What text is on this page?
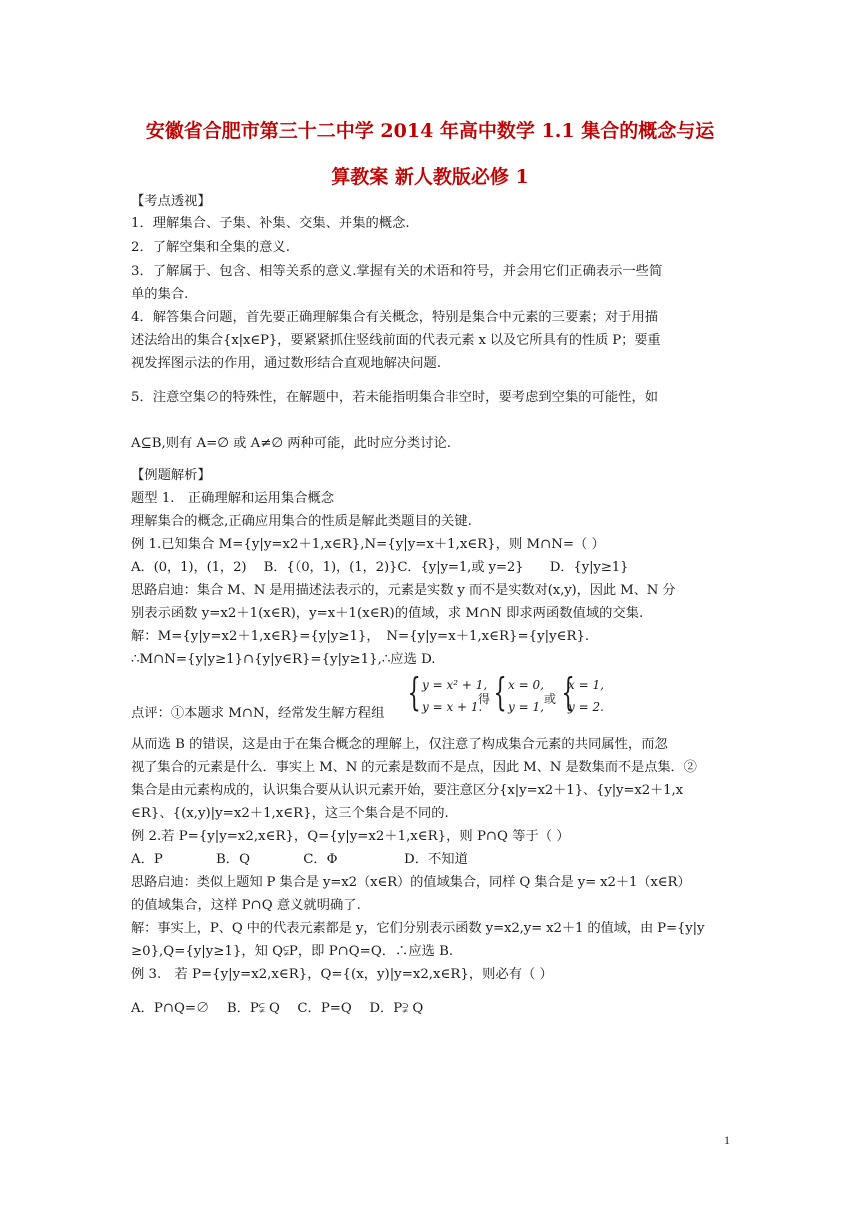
安徽省合肥市第三十二中学 2014 年高中数学 1.1 集合的概念与运
算教案 新人教版必修 1
【考点透视】
1．理解集合、子集、补集、交集、并集的概念.
2．了解空集和全集的意义.
3．了解属于、包含、相等关系的意义.掌握有关的术语和符号，并会用它们正确表示一些简
单的集合.
4．解答集合问题，首先要正确理解集合有关概念，特别是集合中元素的三要素；对于用描
述法给出的集合{x|x∈P}，要紧紧抓住竖线前面的代表元素 x 以及它所具有的性质 P；要重
视发挥图示法的作用，通过数形结合直观地解决问题.
5．注意空集∅的特殊性，在解题中，若未能指明集合非空时，要考虑到空集的可能性，如
A⊆B,则有 A=∅ 或 A≠∅ 两种可能，此时应分类讨论.
【例题解析】
题型 1.　正确理解和运用集合概念
理解集合的概念,正确应用集合的性质是解此类题目的关键.
例 1.已知集合 M={y|y=x2＋1,x∈R},N={y|y=x＋1,x∈R}，则 M∩N=（ ）
A．(0，1)，(1，2)　 B．{（0，1)，(1，2)}C．{y|y=1,或 y=2}　　D．{y|y≥1}
思路启迪：集合 M、N 是用描述法表示的，元素是实数 y 而不是实数对(x,y)，因此 M、N 分
别表示函数 y=x2＋1(x∈R)，y=x＋1(x∈R)的值域，求 M∩N 即求两函数值域的交集.
解：M={y|y=x2＋1,x∈R}={y|y≥1}，　N={y|y=x＋1,x∈R}={y|y∈R}.
∴M∩N={y|y≥1}∩{y|y∈R}={y|y≥1},∴应选 D.
点评：①本题求 M∩N，经常发生解方程组 { y = x² + 1,
y = x + 1.
得 { x = 0,
y = 1,
或 {
x = 1,
y = 2.
从而选 B 的错误，这是由于在集合概念的理解上，仅注意了构成集合元素的共同属性，而忽
视了集合的元素是什么．事实上 M、N 的元素是数而不是点，因此 M、N 是数集而不是点集．②
集合是由元素构成的，认识集合要从认识元素开始，要注意区分{x|y=x2＋1}、{y|y=x2＋1,x
∈R}、{(x,y)|y=x2＋1,x∈R}，这三个集合是不同的.
例 2.若 P={y|y=x2,x∈R}，Q={y|y=x2＋1,x∈R}，则 P∩Q 等于（ ）
A．P　　　　B．Q　　　　C．Φ　　　　　D．不知道
思路启迪：类似上题知 P 集合是 y=x2（x∈R）的值域集合，同样 Q 集合是 y= x2＋1（x∈R）
的值域集合，这样 P∩Q 意义就明确了.
解：事实上，P、Q 中的代表元素都是 y，它们分别表示函数 y=x2,y= x2＋1 的值域，由 P={y|y
≥0},Q={y|y≥1}，知 Q⫋P，即 P∩Q=Q．∴应选 B.
例 3.　若 P={y|y=x2,x∈R}，Q={(x，y)|y=x2,x∈R}，则必有（ ）
A．P∩Q=∅　 B．P⫋ Q　 C．P=Q　 D．P⫌ Q

1
